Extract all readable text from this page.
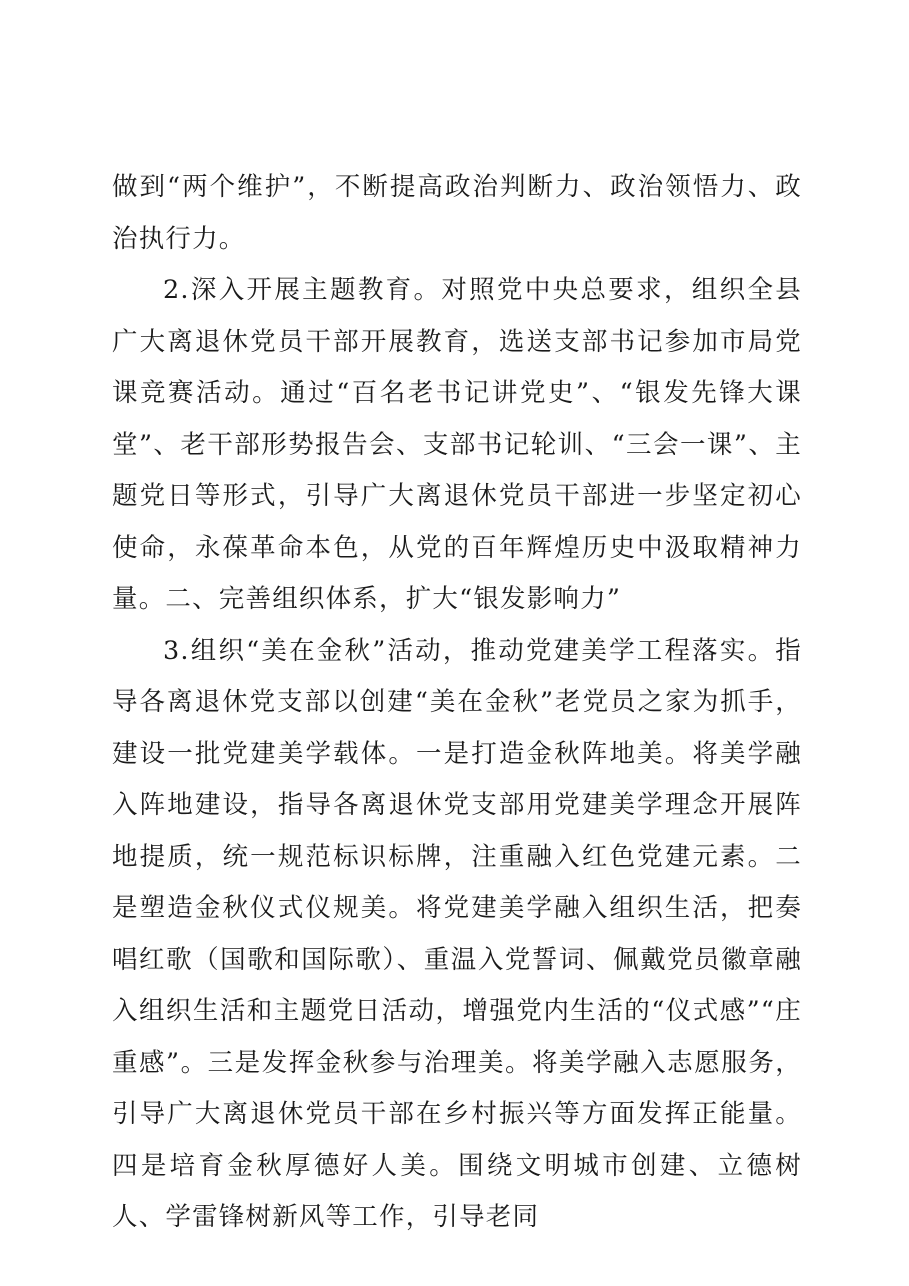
做到“两个维护”，不断提高政治判断力、政治领悟力、政治执行力。

2.深入开展主题教育。对照党中央总要求，组织全县广大离退休党员干部开展教育，选送支部书记参加市局党课竞赛活动。通过“百名老书记讲党史”、“银发先锋大课堂”、老干部形势报告会、支部书记轮训、“三会一课”、主题党日等形式，引导广大离退休党员干部进一步坚定初心使命，永葆革命本色，从党的百年辉煌历史中汲取精神力量。二、完善组织体系，扩大“银发影响力”

3.组织“美在金秋”活动，推动党建美学工程落实。指导各离退休党支部以创建“美在金秋”老党员之家为抓手，建设一批党建美学载体。一是打造金秋阵地美。将美学融入阵地建设，指导各离退休党支部用党建美学理念开展阵地提质，统一规范标识标牌，注重融入红色党建元素。二是塑造金秋仪式仪规美。将党建美学融入组织生活，把奏唱红歌（国歌和国际歌）、重温入党誓词、佩戴党员徽章融入组织生活和主题党日活动，增强党内生活的“仪式感”“庄重感”。三是发挥金秋参与治理美。将美学融入志愿服务，引导广大离退休党员干部在乡村振兴等方面发挥正能量。四是培育金秋厚德好人美。围绕文明城市创建、立德树人、学雷锋树新风等工作，引导老同
